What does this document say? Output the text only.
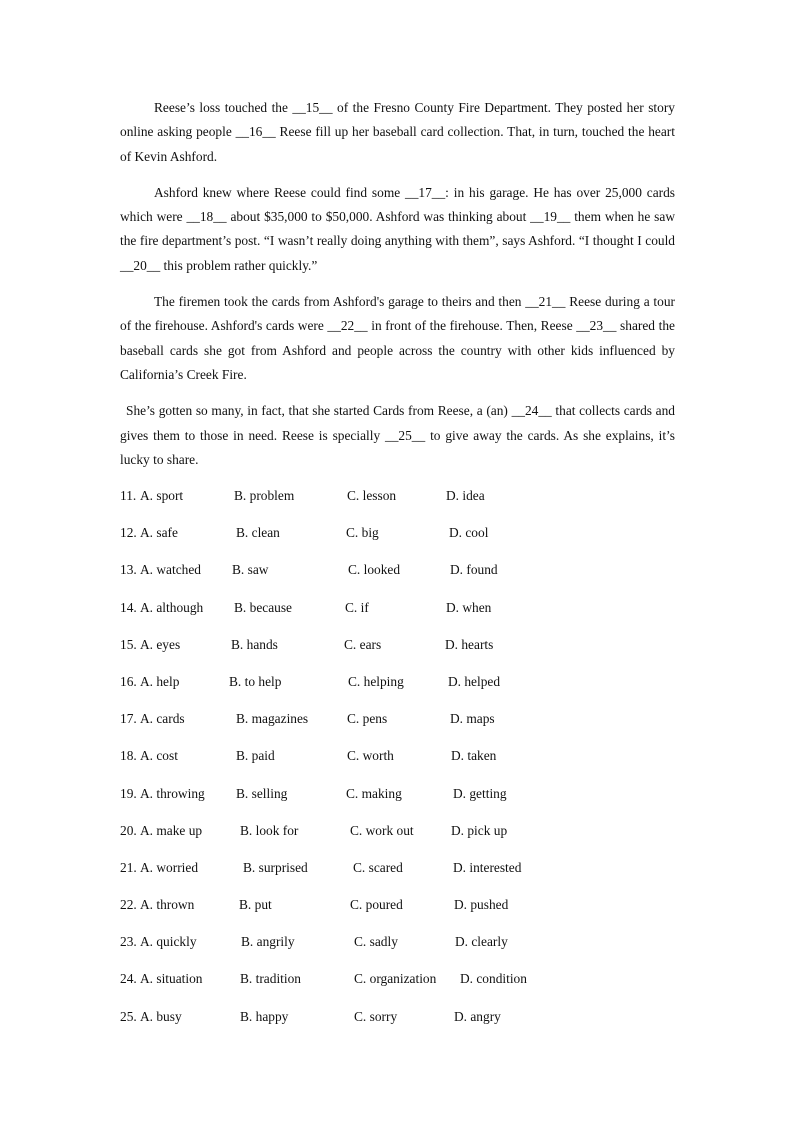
Reese’s loss touched the __15__ of the Fresno County Fire Department. They posted her story online asking people __16__ Reese fill up her baseball card collection. That, in turn, touched the heart of Kevin Ashford.

Ashford knew where Reese could find some __17__: in his garage. He has over 25,000 cards which were __18__ about $35,000 to $50,000. Ashford was thinking about __19__ them when he saw the fire department’s post. “I wasn’t really doing anything with them”, says Ashford. “I thought I could __20__ this problem rather quickly.”

The firemen took the cards from Ashford's garage to theirs and then __21__ Reese during a tour of the firehouse. Ashford's cards were __22__ in front of the firehouse. Then, Reese __23__ shared the baseball cards she got from Ashford and people across the country with other kids influenced by California’s Creek Fire.

She’s gotten so many, in fact, that she started Cards from Reese, a (an) __24__ that collects cards and gives them to those in need. Reese is specially __25__ to give away the cards. As she explains, it’s lucky to share.

11. A. sport	B. problem	C. lesson	D. idea
12. A. safe	B. clean	C. big	D. cool
13. A. watched B. saw	C. looked	D. found
14. A. although B. because	C. if	D. when
15. A. eyes	B. hands	C. ears	D. hearts
16. A. help	B. to help	C. helping	D. helped
17. A. cards	B. magazines	C. pens	D. maps
18. A. cost	B. paid	C. worth	D. taken
19. A. throwing B. selling	C. making	D. getting
20. A. make up	B. look for	C. work out	D. pick up
21. A. worried	B. surprised	C. scared	D. interested
22. A. thrown	B. put	C. poured	D. pushed
23. A. quickly	B. angrily	C. sadly	D. clearly
24. A. situation	B. tradition	C. organization D. condition
25. A. busy	B. happy	C. sorry	D. angry
